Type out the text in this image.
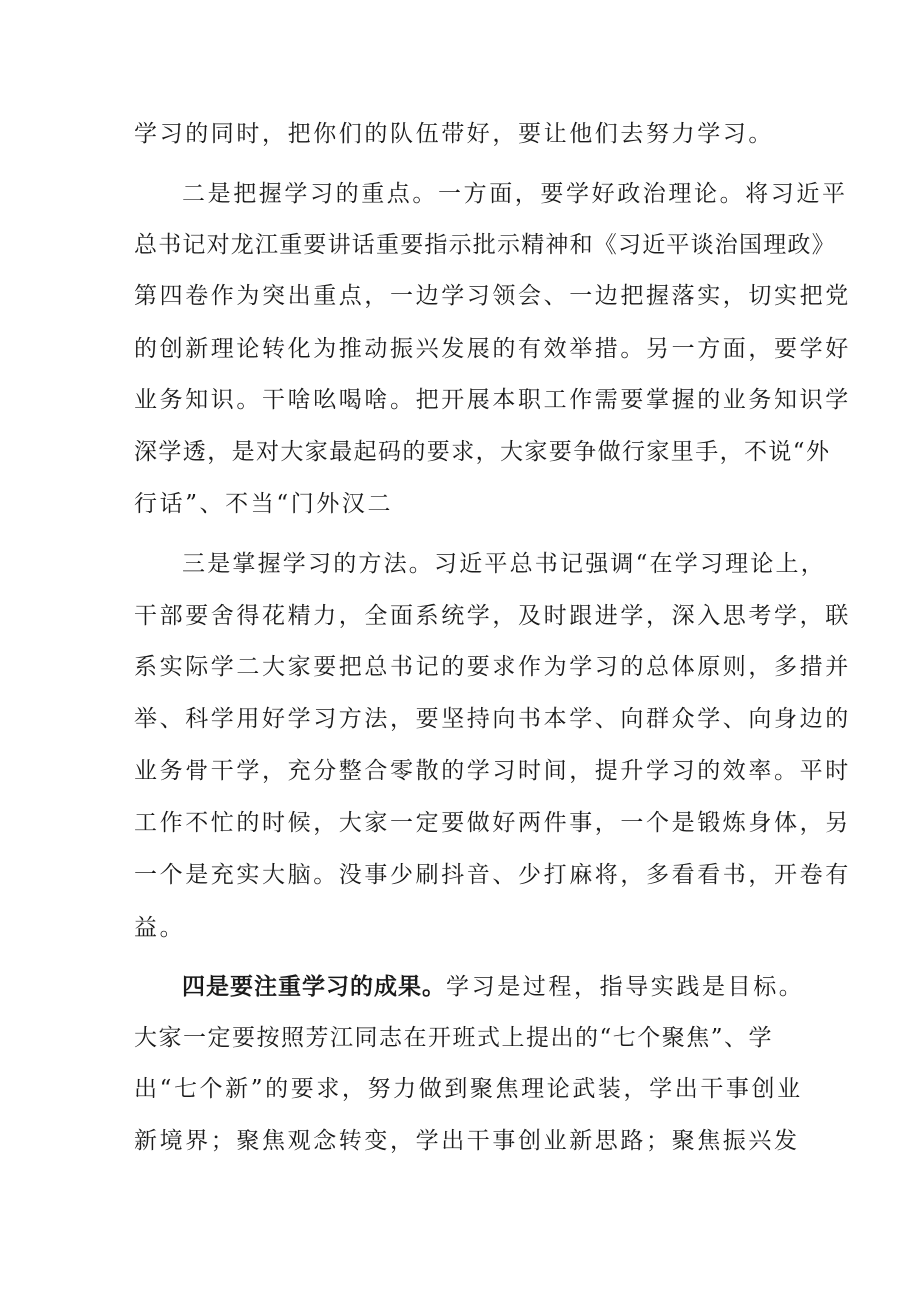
学习的同时，把你们的队伍带好，要让他们去努力学习。

二是把握学习的重点。一方面，要学好政治理论。将习近平

总书记对龙江重要讲话重要指示批示精神和《习近平谈治国理政》

第四卷作为突出重点，一边学习领会、一边把握落实，切实把党

的创新理论转化为推动振兴发展的有效举措。另一方面，要学好

业务知识。干啥吆喝啥。把开展本职工作需要掌握的业务知识学

深学透，是对大家最起码的要求，大家要争做行家里手，不说“外

行话”、不当“门外汉二

三是掌握学习的方法。习近平总书记强调“在学习理论上，

干部要舍得花精力，全面系统学，及时跟进学，深入思考学，联

系实际学二大家要把总书记的要求作为学习的总体原则，多措并

举、科学用好学习方法，要坚持向书本学、向群众学、向身边的

业务骨干学，充分整合零散的学习时间，提升学习的效率。平时

工作不忙的时候，大家一定要做好两件事，一个是锻炼身体，另

一个是充实大脑。没事少刷抖音、少打麻将，多看看书，开卷有

益。

四是要注重学习的成果。学习是过程，指导实践是目标。

大家一定要按照芳江同志在开班式上提出的“七个聚焦”、学

出“七个新”的要求，努力做到聚焦理论武装，学出干事创业

新境界；聚焦观念转变，学出干事创业新思路；聚焦振兴发
